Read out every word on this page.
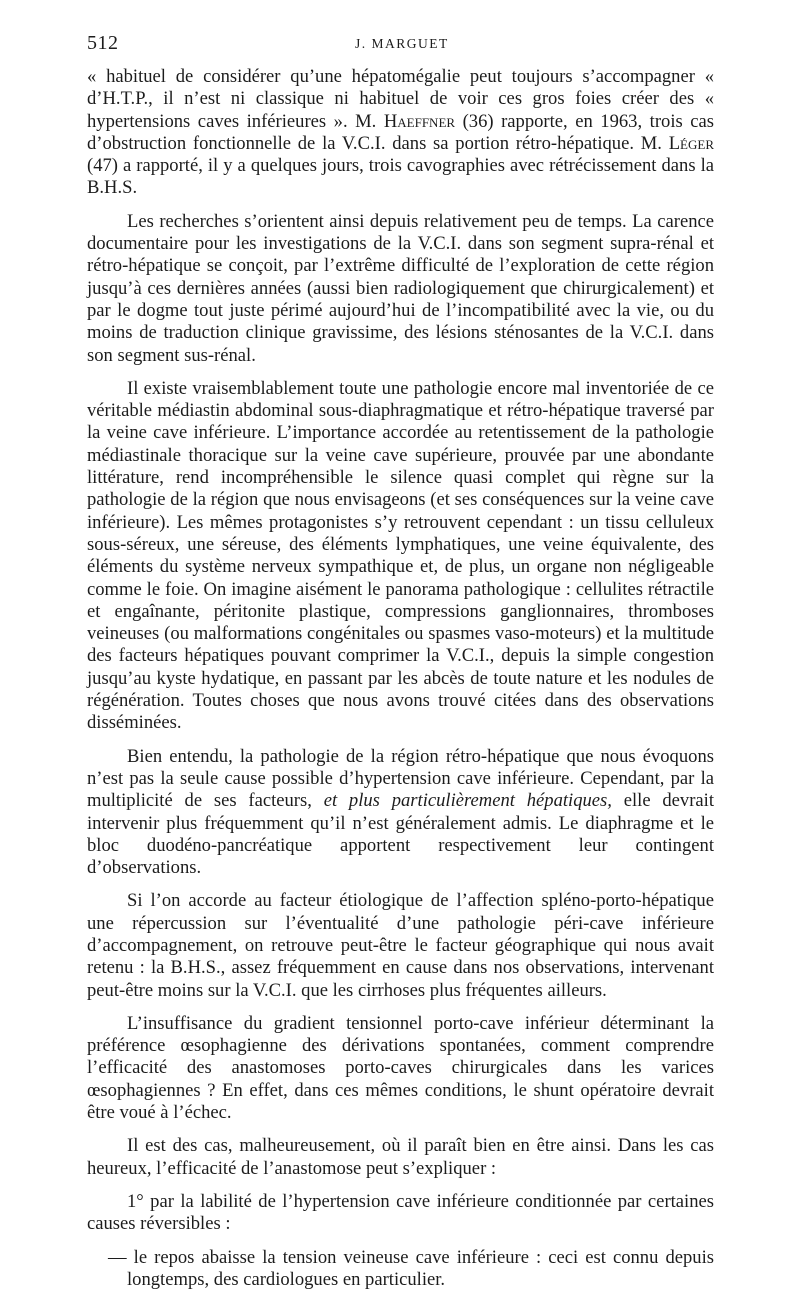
512	J. MARGUET

« habituel de considérer qu’une hépatomégalie peut toujours s’accompagner « d’H.T.P., il n’est ni classique ni habituel de voir ces gros foies créer des « hypertensions caves inférieures ». M. Haeffner (36) rapporte, en 1963, trois cas d’obstruction fonctionnelle de la V.C.I. dans sa portion rétro-hépatique. M. Léger (47) a rapporté, il y a quelques jours, trois cavographies avec rétrécissement dans la B.H.S.

Les recherches s’orientent ainsi depuis relativement peu de temps. La carence documentaire pour les investigations de la V.C.I. dans son segment supra-rénal et rétro-hépatique se conçoit, par l’extrême difficulté de l’exploration de cette région jusqu’à ces dernières années (aussi bien radiologiquement que chirurgicalement) et par le dogme tout juste périmé aujourd’hui de l’incompatibilité avec la vie, ou du moins de traduction clinique gravissime, des lésions sténosantes de la V.C.I. dans son segment sus-rénal.

Il existe vraisemblablement toute une pathologie encore mal inventoriée de ce véritable médiastin abdominal sous-diaphragmatique et rétro-hépatique traversé par la veine cave inférieure. L’importance accordée au retentissement de la pathologie médiastinale thoracique sur la veine cave supérieure, prouvée par une abondante littérature, rend incompréhensible le silence quasi complet qui règne sur la pathologie de la région que nous envisageons (et ses conséquences sur la veine cave inférieure). Les mêmes protagonistes s’y retrouvent cependant : un tissu celluleux sous-séreux, une séreuse, des éléments lymphatiques, une veine équivalente, des éléments du système nerveux sympathique et, de plus, un organe non négligeable comme le foie. On imagine aisément le panorama pathologique : cellulites rétractile et engaînante, péritonite plastique, compressions ganglionnaires, thromboses veineuses (ou malformations congénitales ou spasmes vaso-moteurs) et la multitude des facteurs hépatiques pouvant comprimer la V.C.I., depuis la simple congestion jusqu’au kyste hydatique, en passant par les abcès de toute nature et les nodules de régénération. Toutes choses que nous avons trouvé citées dans des observations disséminées.

Bien entendu, la pathologie de la région rétro-hépatique que nous évoquons n’est pas la seule cause possible d’hypertension cave inférieure. Cependant, par la multiplicité de ses facteurs, et plus particulièrement hépatiques, elle devrait intervenir plus fréquemment qu’il n’est généralement admis. Le diaphragme et le bloc duodéno-pancréatique apportent respectivement leur contingent d’observations.

Si l’on accorde au facteur étiologique de l’affection spléno-porto-hépatique une répercussion sur l’éventualité d’une pathologie péri-cave inférieure d’accompagnement, on retrouve peut-être le facteur géographique qui nous avait retenu : la B.H.S., assez fréquemment en cause dans nos observations, intervenant peut-être moins sur la V.C.I. que les cirrhoses plus fréquentes ailleurs.

L’insuffisance du gradient tensionnel porto-cave inférieur déterminant la préférence œsophagienne des dérivations spontanées, comment comprendre l’efficacité des anastomoses porto-caves chirurgicales dans les varices œsophagiennes ? En effet, dans ces mêmes conditions, le shunt opératoire devrait être voué à l’échec.

Il est des cas, malheureusement, où il paraît bien en être ainsi. Dans les cas heureux, l’efficacité de l’anastomose peut s’expliquer :

1° par la labilité de l’hypertension cave inférieure conditionnée par certaines causes réversibles :

— le repos abaisse la tension veineuse cave inférieure : ceci est connu depuis longtemps, des cardiologues en particulier.
